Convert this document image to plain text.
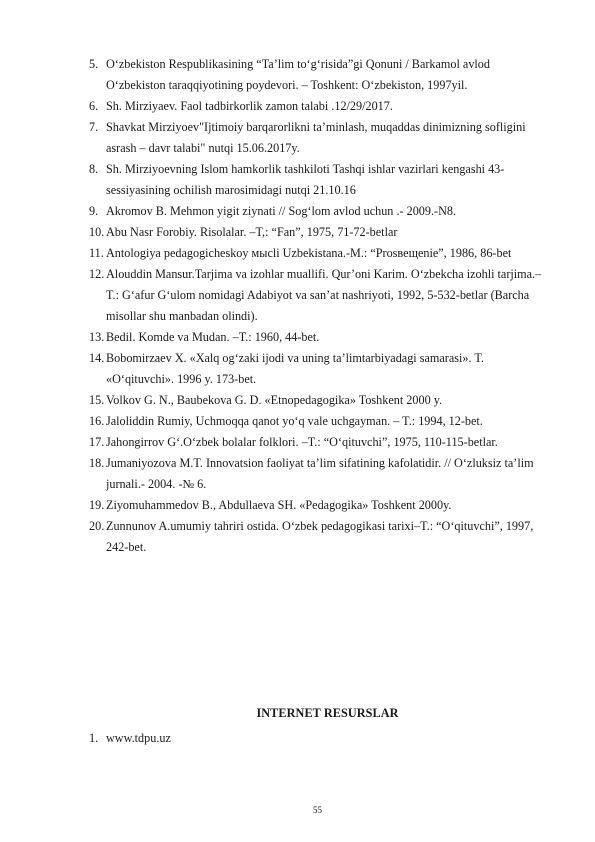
5. O‘zbekiston Respublikasining “Ta’lim to‘g‘risida”gi Qonuni / Barkamol avlod O‘zbekiston taraqqiyotining poydevori. – Toshkent: O‘zbekiston, 1997yil.
6. Sh. Mirziyaev. Faol tadbirkorlik zamon talabi .12/29/2017.
7. Shavkat Mirziyoev"Ijtimoiy barqarorlikni ta’minlash, muqaddas dinimizning sofligini asrash – davr talabi" nutqi 15.06.2017y.
8. Sh. Mirziyoevning Islom hamkorlik tashkiloti Tashqi ishlar vazirlari kengashi 43-sessiyasining ochilish marosimidagi nutqi 21.10.16
9. Akromov B. Mehmon yigit ziynati // Sog‘lom avlod uchun .- 2009.-N8.
10. Abu Nasr Forobiy. Risolalar. –T,: “Fan”, 1975, 71-72-betlar
11. Antologiya pedagogicheskoy мысli Uzbekistana.-M.: “Prosвeщenie”, 1986, 86-bet
12. Alouddin Mansur.Tarjima va izohlar muallifi. Qur’oni Karim. O‘zbekcha izohli tarjima.– T.: G‘afur G‘ulom nomidagi Adabiyot va san’at nashriyoti, 1992, 5-532-betlar (Barcha misollar shu manbadan olindi).
13. Bedil. Komde va Mudan. –T.: 1960, 44-bet.
14. Bobomirzaev X. «Xalq og‘zaki ijodi va uning ta’limtarbiyadagi samarasi». T. «O‘qituvchi». 1996 y. 173-bet.
15. Volkov G. N., Baubekova G. D. «Etnopedagogika» Toshkent 2000 y.
16. Jaloliddin Rumiy, Uchmoqqa qanot yo‘q vale uchgayman. – T.: 1994, 12-bet.
17. Jahongirrov G‘.O‘zbek bolalar folklori. –T.: “O‘qituvchi”, 1975, 110-115-betlar.
18. Jumaniyozova M.T. Innovatsion faoliyat ta’lim sifatining kafolatidir. // O‘zluksiz ta’lim jurnali.- 2004. -№ 6.
19. Ziyomuhammedov B., Abdullaeva SH. «Pedagogika» Toshkent 2000y.
20. Zunnunov A.umumiy tahriri ostida. O‘zbek pedagogikasi tarixi–T.: “O‘qituvchi”, 1997, 242-bet.
INTERNET RESURSLAR
1. www.tdpu.uz
55
